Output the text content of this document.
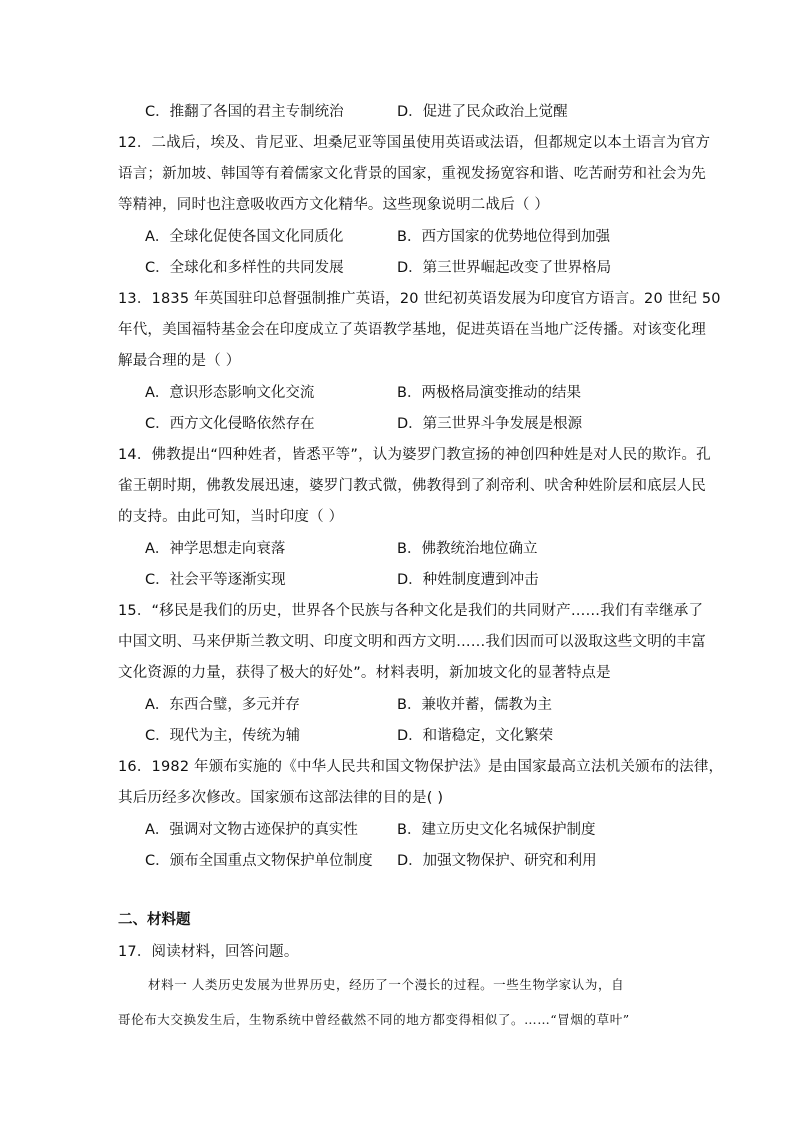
C．推翻了各国的君主专制统治	D．促进了民众政治上觉醒
12．二战后，埃及、肯尼亚、坦桑尼亚等国虽使用英语或法语，但都规定以本土语言为官方
语言；新加坡、韩国等有着儒家文化背景的国家，重视发扬宽容和谐、吃苦耐劳和社会为先
等精神，同时也注意吸收西方文化精华。这些现象说明二战后（ ）
A．全球化促使各国文化同质化	B．西方国家的优势地位得到加强
C．全球化和多样性的共同发展	D．第三世界崛起改变了世界格局
13．1835 年英国驻印总督强制推广英语，20 世纪初英语发展为印度官方语言。20 世纪 50
年代，美国福特基金会在印度成立了英语教学基地，促进英语在当地广泛传播。对该变化理
解最合理的是（ ）
A．意识形态影响文化交流	B．两极格局演变推动的结果
C．西方文化侵略依然存在	D．第三世界斗争发展是根源
14．佛教提出“四种姓者，皆悉平等”，认为婆罗门教宣扬的神创四种姓是对人民的欺诈。孔
雀王朝时期，佛教发展迅速，婆罗门教式微，佛教得到了刹帝利、吠舍种姓阶层和底层人民
的支持。由此可知，当时印度（ ）
A．神学思想走向衰落	B．佛教统治地位确立
C．社会平等逐渐实现	D．种姓制度遭到冲击
15．“移民是我们的历史，世界各个民族与各种文化是我们的共同财产……我们有幸继承了
中国文明、马来伊斯兰教文明、印度文明和西方文明……我们因而可以汲取这些文明的丰富
文化资源的力量，获得了极大的好处”。材料表明，新加坡文化的显著特点是
A．东西合璧，多元并存	B．兼收并蓄，儒教为主
C．现代为主，传统为辅	D．和谐稳定，文化繁荣
16．1982 年颁布实施的《中华人民共和国文物保护法》是由国家最高立法机关颁布的法律，
其后历经多次修改。国家颁布这部法律的目的是( )
A．强调对文物古迹保护的真实性	B．建立历史文化名城保护制度
C．颁布全国重点文物保护单位制度 D．加强文物保护、研究和利用
二、材料题
17．阅读材料，回答问题。
材料一 人类历史发展为世界历史，经历了一个漫长的过程。一些生物学家认为，自
哥伦布大交换发生后，生物系统中曾经截然不同的地方都变得相似了。……“冒烟的草叶”
